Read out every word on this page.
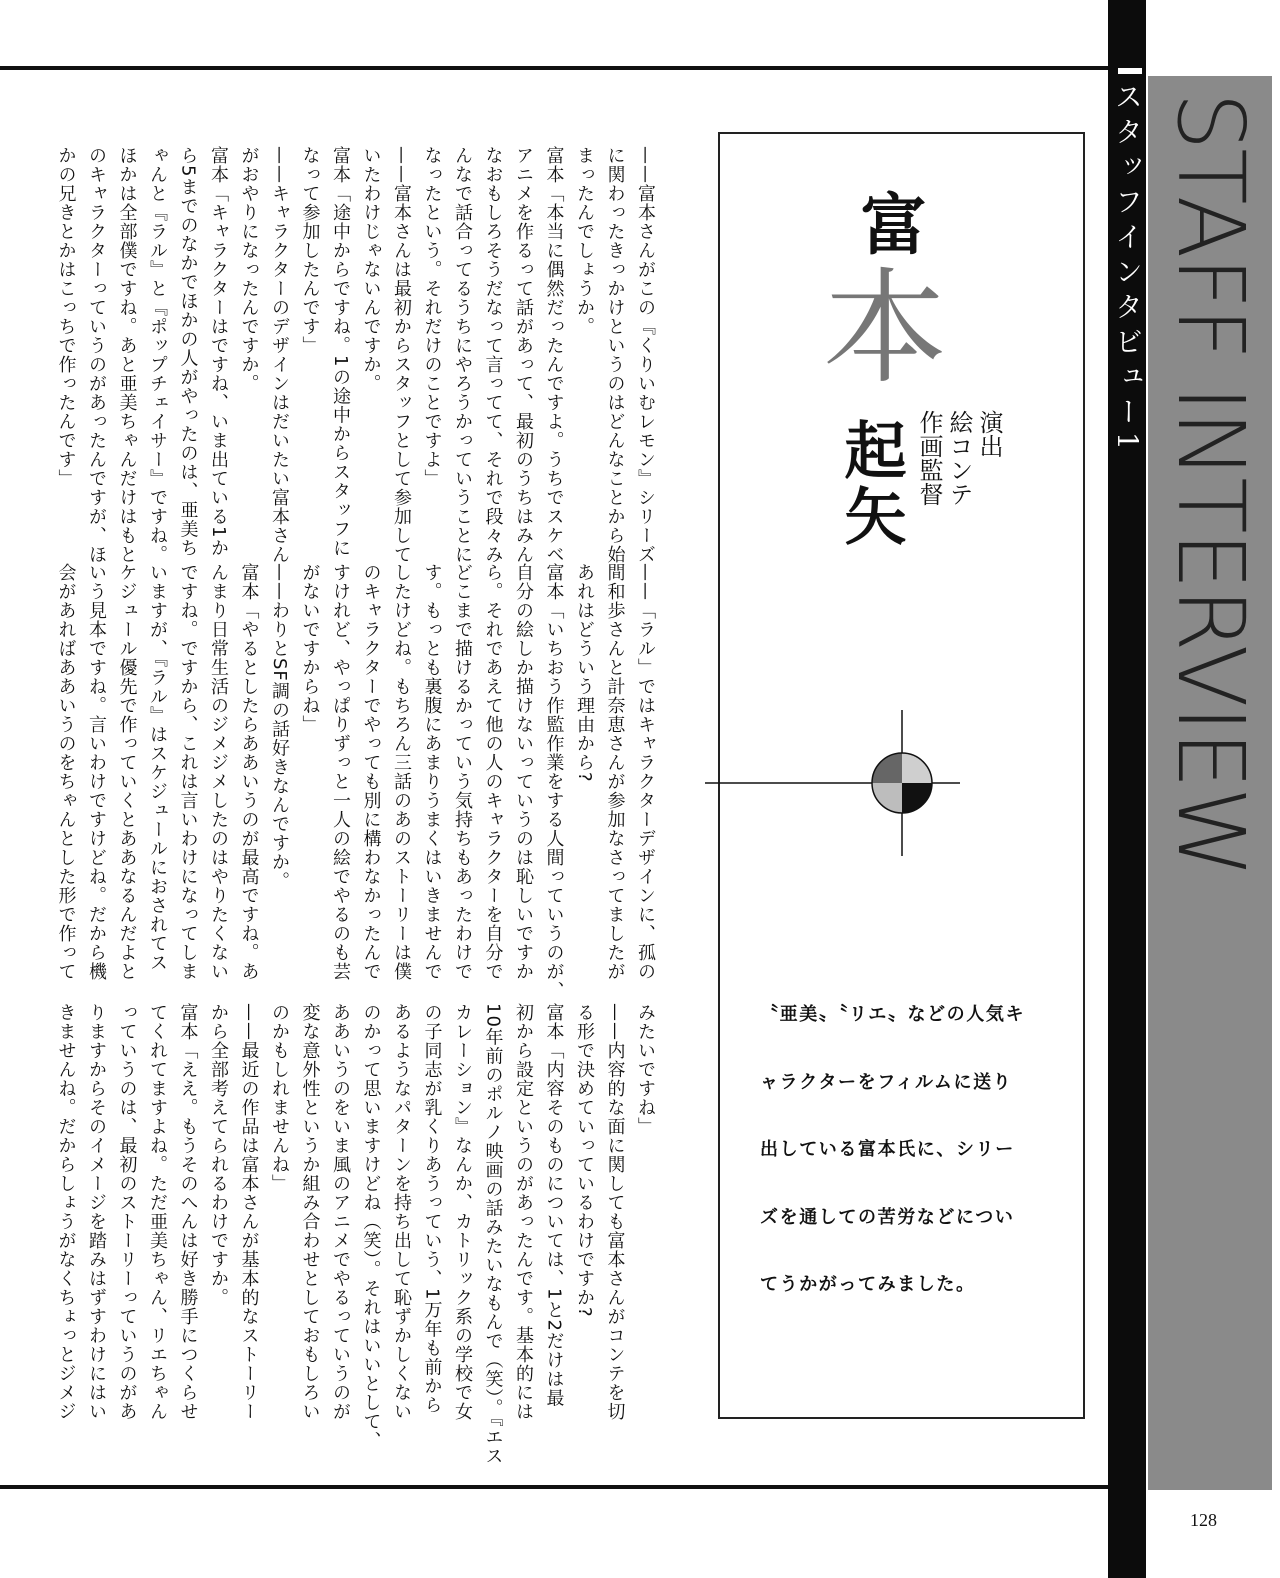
スタッフインタビュー1 STAFF INTERVIEW
128
——富本さんがこの『くりいむレモン』シリーズ
に関わったきっかけというのはどんなことから始
まったんでしょうか。
富本「本当に偶然だったんですよ。うちでスケベ
アニメを作るって話があって、最初のうちはみん
なおもしろそうだなって言ってて、それで段々み
んなで話合ってるうちにやろうかっていうことに
なったという。それだけのことですよ」
——富本さんは最初からスタッフとして参加して
いたわけじゃないんですか。
富本「途中からですね。1の途中からスタッフに
なって参加したんです」
——キャラクターのデザインはだいたい富本さん
がおやりになったんですか。
富本「キャラクターはですね、いま出ている1か
ら5までのなかでほかの人がやったのは、亜美ち
ゃんと『ラル』と『ポップチェイサー』ですね。
ほかは全部僕ですね。あと亜美ちゃんだけはもと
のキャラクターっていうのがあったんですが、ほ
かの兄きとかはこっちで作ったんです」
——「ラル」ではキャラクターデザインに、孤の
間和歩さんと計奈恵さんが参加なさってましたが
あれはどういう理由から?
富本「いちおう作監作業をする人間っていうのが、
自分の絵しか描けないっていうのは恥しいですか
ら。それであえて他の人のキャラクターを自分で
どこまで描けるかっていう気持ちもあったわけで
す。もっとも裏腹にあまりうまくはいきませんで
したけどね。もちろん三話のあのストーリーは僕
のキャラクターでやっても別に構わなかったんで
すけれど、やっぱりずっと一人の絵でやるのも芸
がないですからね」
——わりとSF調の話好きなんですか。
富本「やるとしたらああいうのが最高ですね。あ
んまり日常生活のジメジメしたのはやりたくない
ですね。ですから、これは言いわけになってしま
いますが、『ラル』はスケジュールにおされてス
ケジュール優先で作っていくとああなるんだよと
いう見本ですね。言いわけですけどね。だから機
会があればああいうのをちゃんとした形で作って
みたいですね」
——内容的な面に関しても富本さんがコンテを切
る形で決めていっているわけですか?
富本「内容そのものについては、1と2だけは最
初から設定というのがあったんです。基本的には
10年前のポルノ映画の話みたいなもんで（笑）。『エス
カレーション』なんか、カトリック系の学校で女
の子同志が乳くりあうっていう、1万年も前から
あるようなパターンを持ち出して恥ずかしくない
のかって思いますけどね（笑）。それはいいとして、
ああいうのをいま風のアニメでやるっていうのが
変な意外性というか組み合わせとしておもしろい
のかもしれませんね」
——最近の作品は富本さんが基本的なストーリー
から全部考えてられるわけですか。
富本「ええ。もうそのへんは好き勝手につくらせ
てくれてますよね。ただ亜美ちゃん、リエちゃん
っていうのは、最初のストーリーっていうのがあ
りますからそのイメージを踏みはずすわけにはい
きませんね。だからしょうがなくちょっとジメジ
富
本
起矢	演出
絵コンテ
作画監督
〝亜美〟〝リエ〟などの人気キ
ャラクターをフィルムに送り
出している富本氏に、シリー
ズを通しての苦労などについ
てうかがってみました。
